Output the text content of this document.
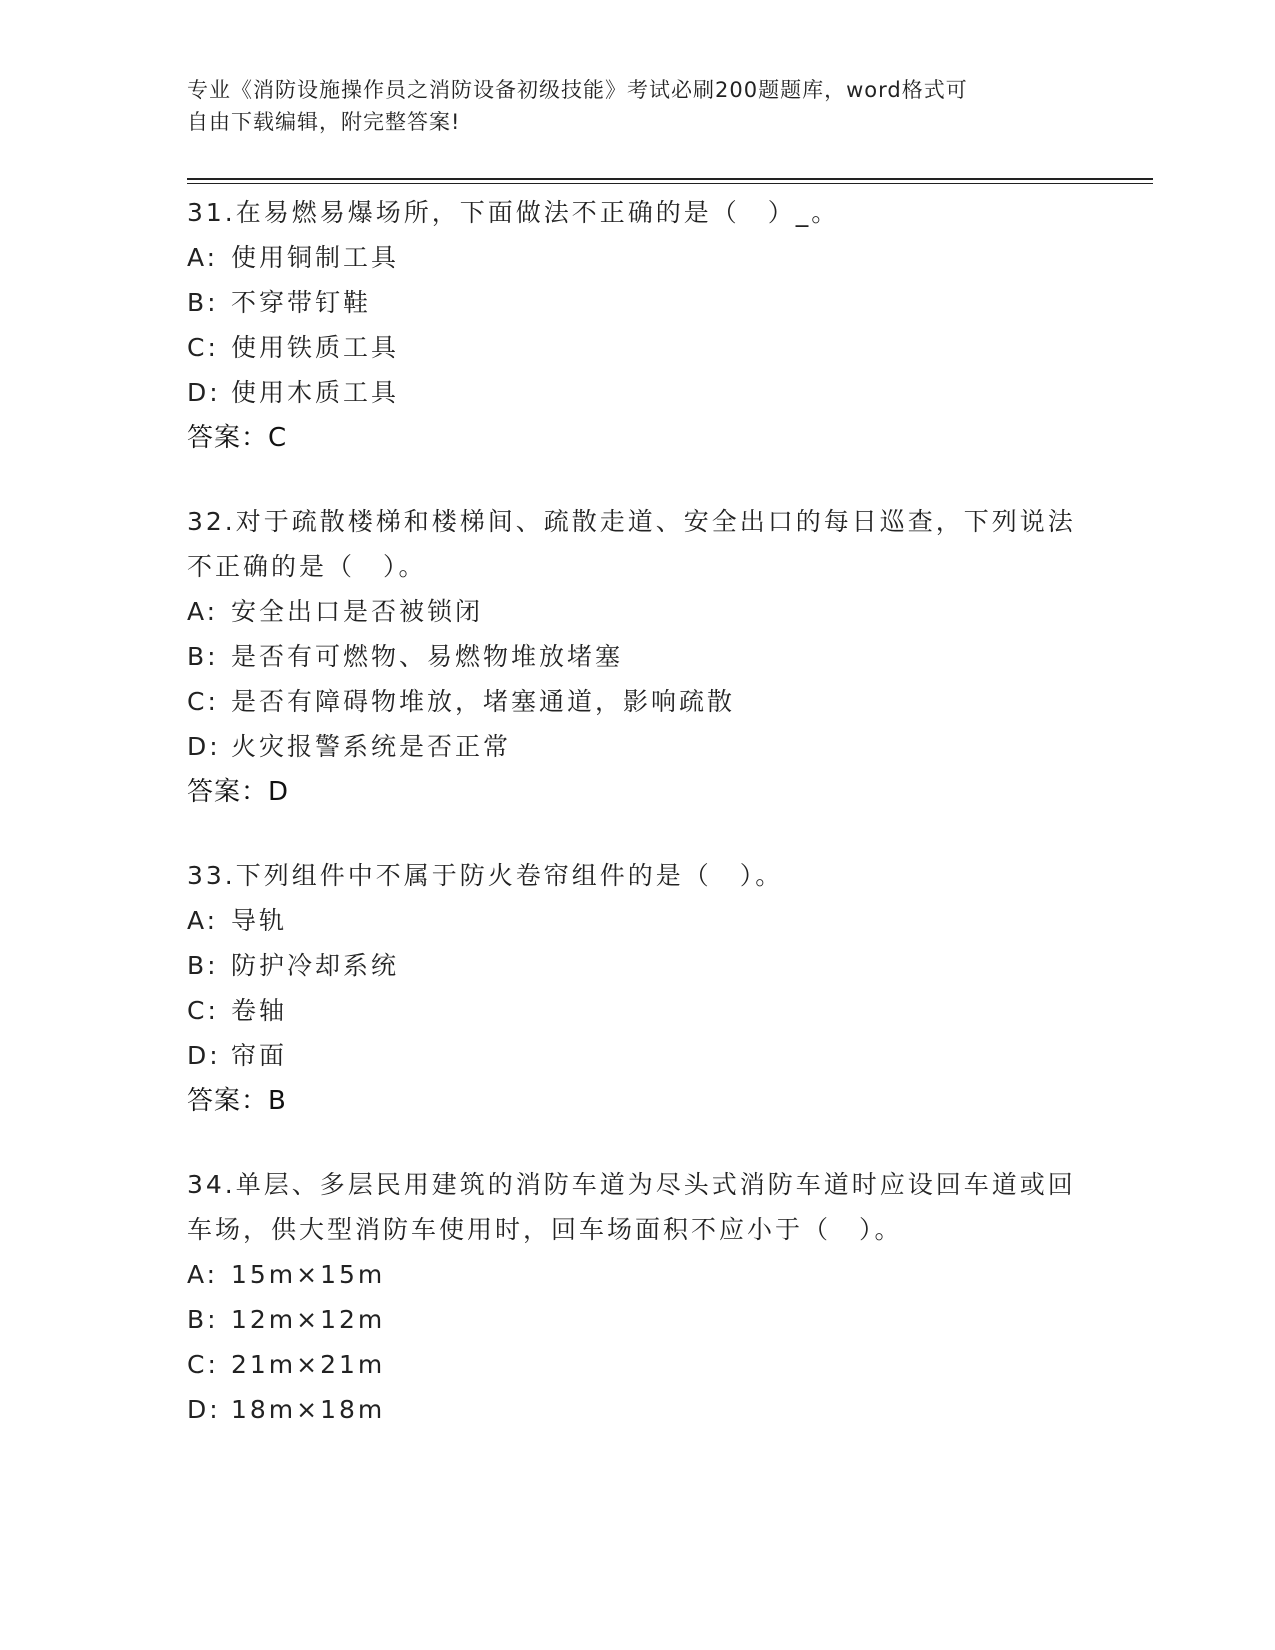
专业《消防设施操作员之消防设备初级技能》考试必刷200题题库，word格式可
自由下载编辑，附完整答案!
31.在易燃易爆场所，下面做法不正确的是（　）_。
A: 使用铜制工具
B: 不穿带钉鞋
C: 使用铁质工具
D: 使用木质工具
答案：C
32.对于疏散楼梯和楼梯间、疏散走道、安全出口的每日巡查，下列说法不正确的是（　）。
A: 安全出口是否被锁闭
B: 是否有可燃物、易燃物堆放堵塞
C: 是否有障碍物堆放，堵塞通道，影响疏散
D: 火灾报警系统是否正常
答案：D
33.下列组件中不属于防火卷帘组件的是（　）。
A: 导轨
B: 防护冷却系统
C: 卷轴
D: 帘面
答案：B
34.单层、多层民用建筑的消防车道为尽头式消防车道时应设回车道或回车场，供大型消防车使用时，回车场面积不应小于（　）。
A: 15m×15m
B: 12m×12m
C: 21m×21m
D: 18m×18m
